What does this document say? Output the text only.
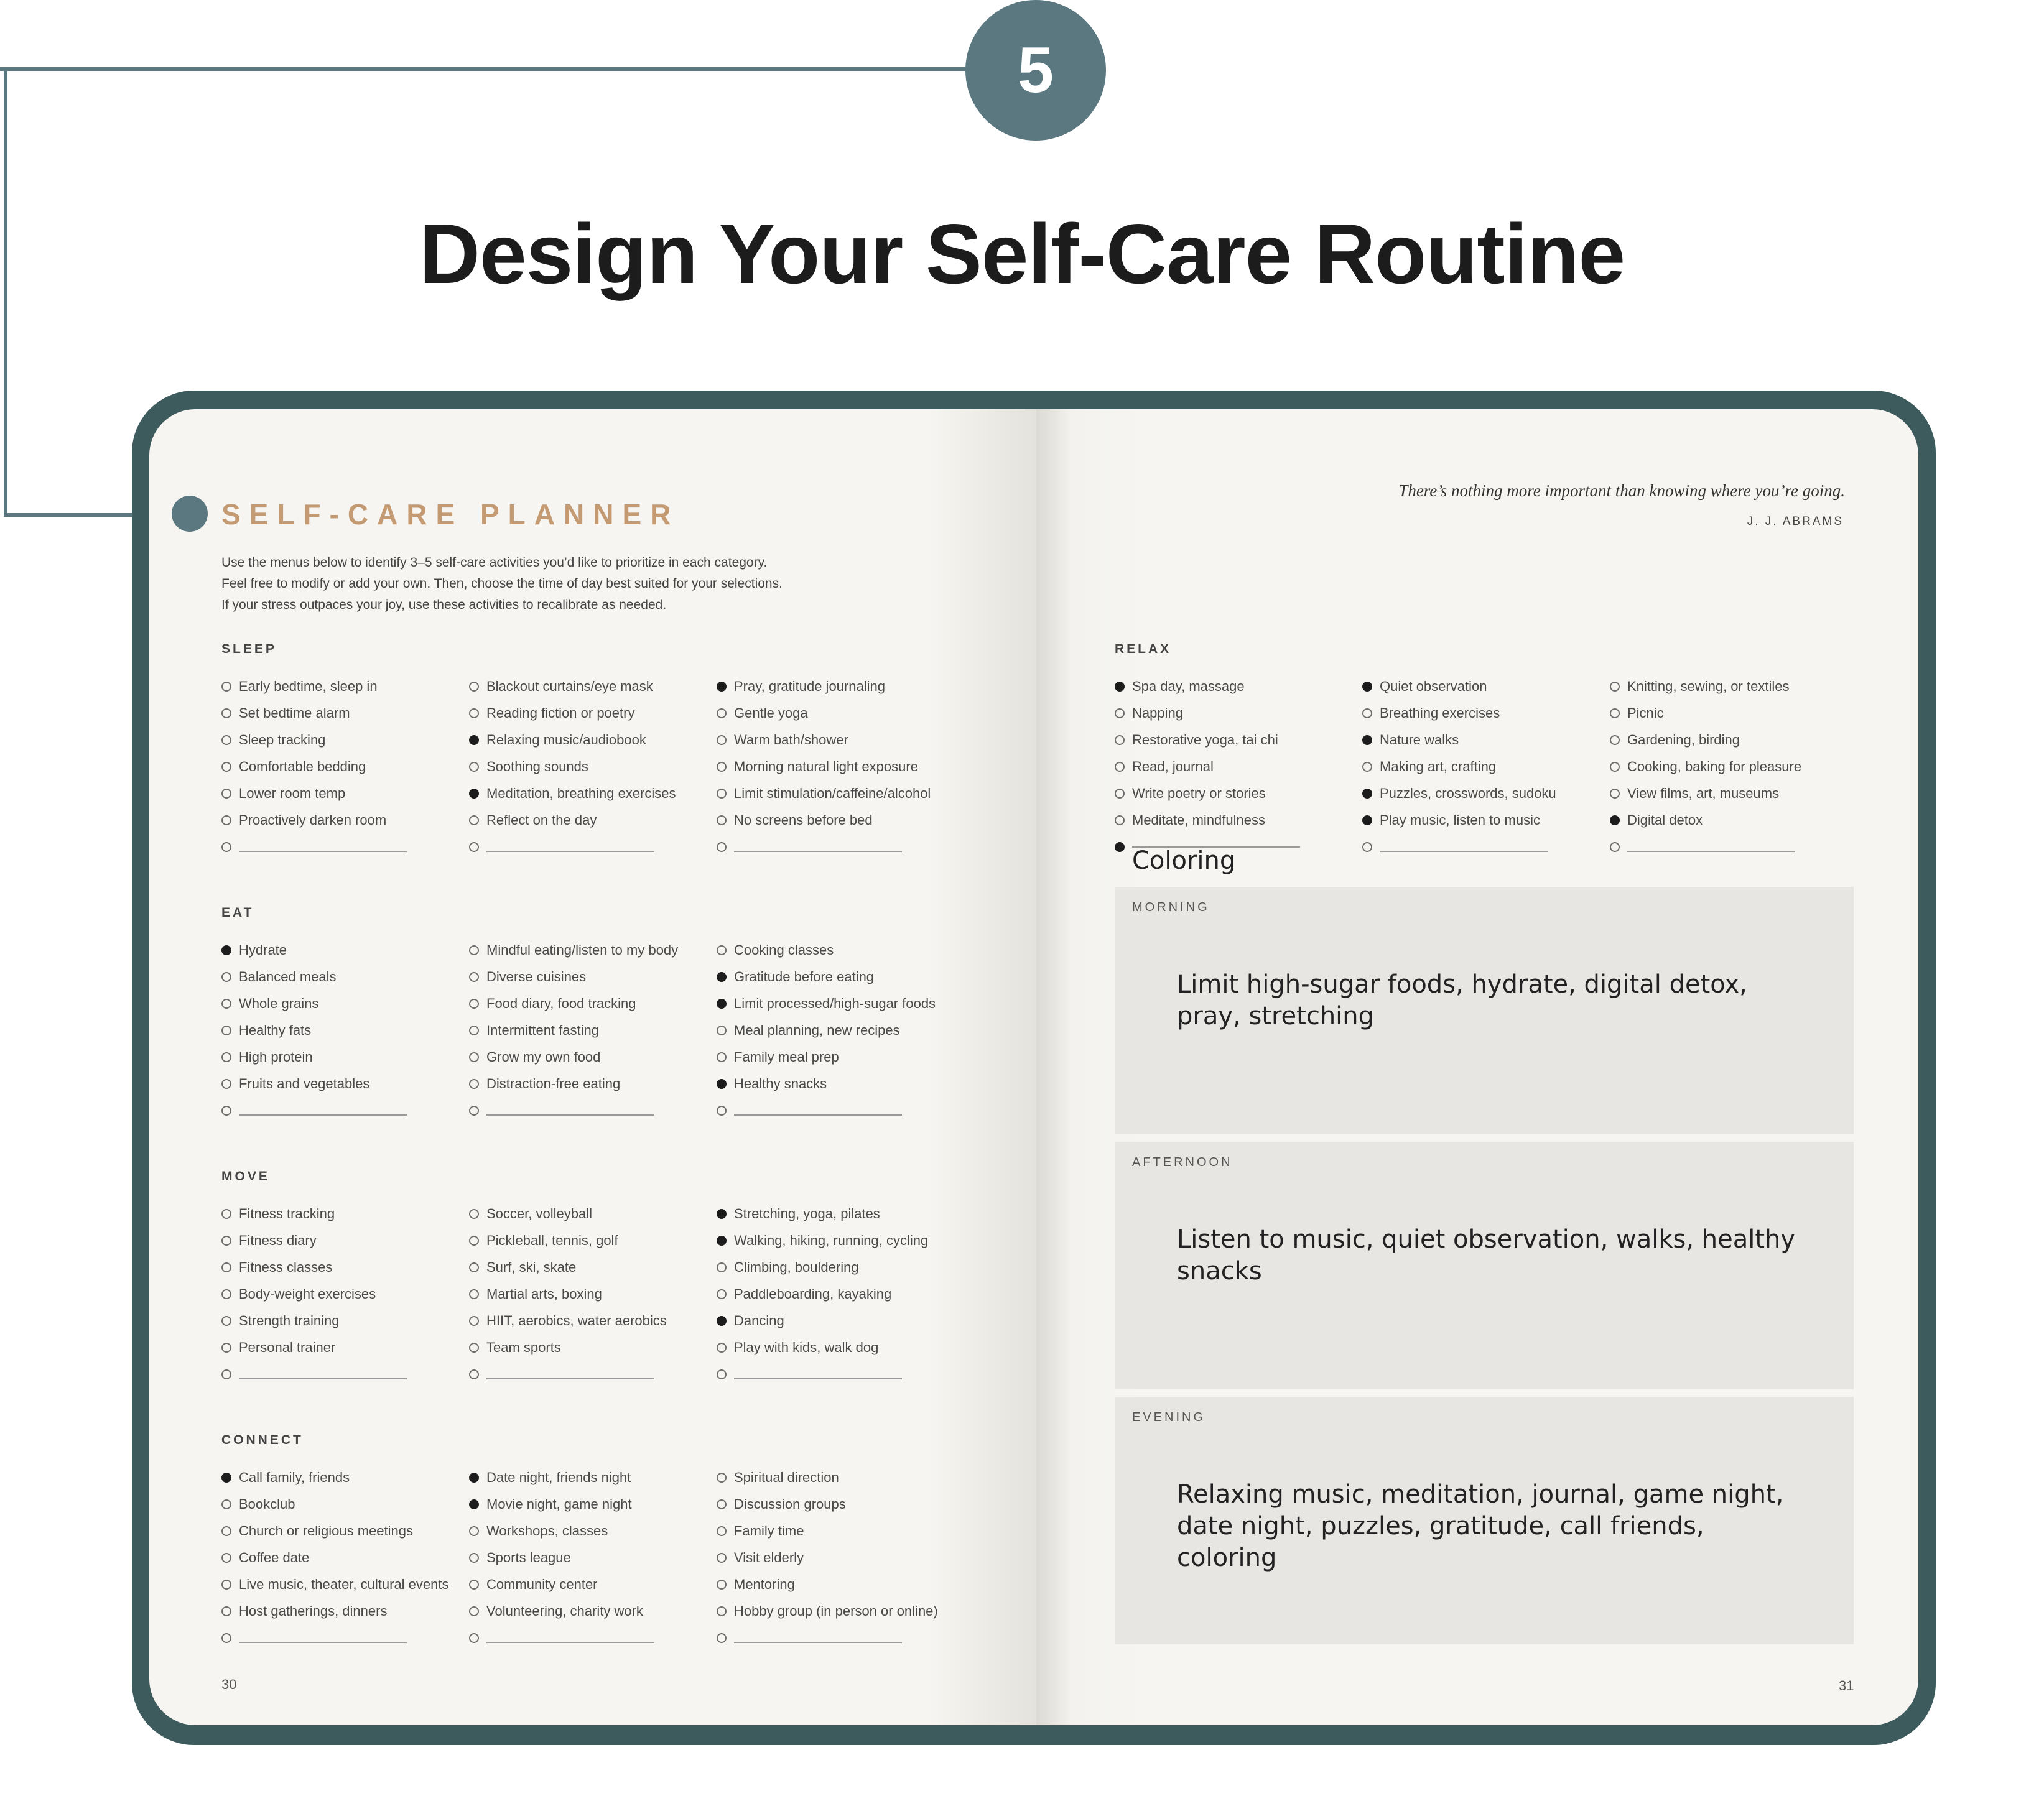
5
Design Your Self-Care Routine
SELF-CARE PLANNER
Use the menus below to identify 3–5 self-care activities you’d like to prioritize in each category.
Feel free to modify or add your own. Then, choose the time of day best suited for your selections.
If your stress outpaces your joy, use these activities to recalibrate as needed.
SLEEP
EAT
MOVE
CONNECT
RELAX
Early bedtime, sleep in
Set bedtime alarm
Sleep tracking
Comfortable bedding
Lower room temp
Proactively darken room
Blackout curtains/eye mask
Reading fiction or poetry
Relaxing music/audiobook
Soothing sounds
Meditation, breathing exercises
Reflect on the day
Pray, gratitude journaling
Gentle yoga
Warm bath/shower
Morning natural light exposure
Limit stimulation/caffeine/alcohol
No screens before bed
Hydrate
Balanced meals
Whole grains
Healthy fats
High protein
Fruits and vegetables
Mindful eating/listen to my body
Diverse cuisines
Food diary, food tracking
Intermittent fasting
Grow my own food
Distraction-free eating
Cooking classes
Gratitude before eating
Limit processed/high-sugar foods
Meal planning, new recipes
Family meal prep
Healthy snacks
Fitness tracking
Fitness diary
Fitness classes
Body-weight exercises
Strength training
Personal trainer
Soccer, volleyball
Pickleball, tennis, golf
Surf, ski, skate
Martial arts, boxing
HIIT, aerobics, water aerobics
Team sports
Stretching, yoga, pilates
Walking, hiking, running, cycling
Climbing, bouldering
Paddleboarding, kayaking
Dancing
Play with kids, walk dog
Call family, friends
Bookclub
Church or religious meetings
Coffee date
Live music, theater, cultural events
Host gatherings, dinners
Date night, friends night
Movie night, game night
Workshops, classes
Sports league
Community center
Volunteering, charity work
Spiritual direction
Discussion groups
Family time
Visit elderly
Mentoring
Hobby group (in person or online)
Spa day, massage
Napping
Restorative yoga, tai chi
Read, journal
Write poetry or stories
Meditate, mindfulness
Coloring
Quiet observation
Breathing exercises
Nature walks
Making art, crafting
Puzzles, crosswords, sudoku
Play music, listen to music
Knitting, sewing, or textiles
Picnic
Gardening, birding
Cooking, baking for pleasure
View films, art, museums
Digital detox
There’s nothing more important than knowing where you’re going.
J. J. ABRAMS
MORNING
Limit high-sugar foods, hydrate, digital detox, pray, stretching
AFTERNOON
Listen to music, quiet observation, walks, healthy snacks
EVENING
Relaxing music, meditation, journal, game night, date night, puzzles, gratitude, call friends, coloring
30	31
